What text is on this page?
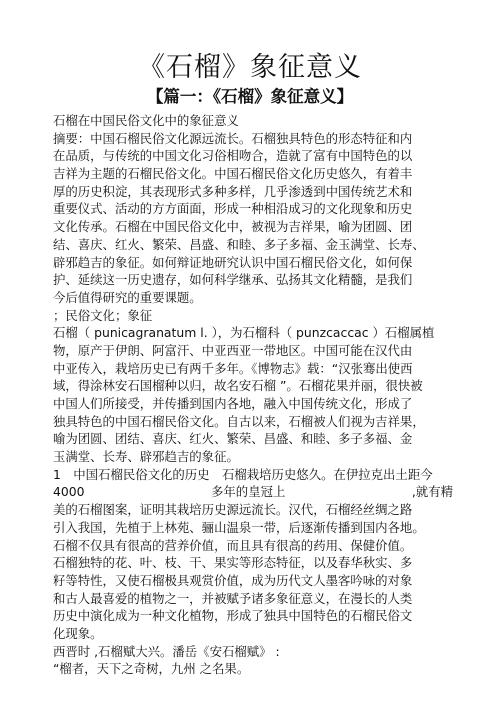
《石榴》象征意义
【篇一：《石榴》象征意义】
石榴在中国民俗文化中的象征意义
摘要：中国石榴民俗文化源远流长。石榴独具特色的形态特征和内
在品质，与传统的中国文化习俗相吻合，造就了富有中国特色的以
吉祥为主题的石榴民俗文化。中国石榴民俗文化历史悠久，有着丰
厚的历史积淀，其表现形式多种多样，几乎渗透到中国传统艺术和
重要仪式、活动的方方面面，形成一种相沿成习的文化现象和历史
文化传承。石榴在中国民俗文化中，被视为吉祥果，喻为团圆、团
结、喜庆、红火、繁荣、昌盛、和睦、多子多福、金玉满堂、长寿、
辟邪趋吉的象征。如何辩证地研究认识中国石榴民俗文化，如何保
护、延续这一历史遗存，如何科学继承、弘扬其文化精髓，是我们
今后值得研究的重要课题。
；民俗文化；象征
石榴（ punicagranatum l. ），为石榴科（ punzcaccac ）石榴属植
物，原产于伊朗、阿富汗、中亚西亚一带地区。中国可能在汉代由
中亚传入，栽培历史已有两千多年。《博物志》载：“汉张骞出使西
域，得涂林安石国榴种以归，故名安石榴 ”。石榴花果并丽，很快被
中国人们所接受，并传播到国内各地，融入中国传统文化，形成了
独具特色的中国石榴民俗文化。自古以来，石榴被人们视为吉祥果，
喻为团圆、团结、喜庆、红火、繁荣、昌盛、和睦、多子多福、金
玉满堂、长寿、辟邪趋吉的象征。
1　中国石榴民俗文化的历史　石榴栽培历史悠久。在伊拉克出土距今
4000	多年的皇冠上	,就有精
美的石榴图案，证明其栽培历史源远流长。汉代，石榴经丝绸之路
引入我国，先植于上林苑、骊山温泉一带，后逐渐传播到国内各地。
石榴不仅具有很高的营养价值，而且具有很高的药用、保健价值。
石榴独特的花、叶、枝、干、果实等形态特征，以及春华秋实、多
籽等特性，又使石榴极具观赏价值，成为历代文人墨客吟咏的对象
和古人最喜爱的植物之一，并被赋予诸多象征意义，在漫长的人类
历史中演化成为一种文化植物，形成了独具中国特色的石榴民俗文
化现象。
西晋时 ,石榴赋大兴。潘岳《安石榴赋》 :
“榴者，天下之奇树，九州 之名果。
